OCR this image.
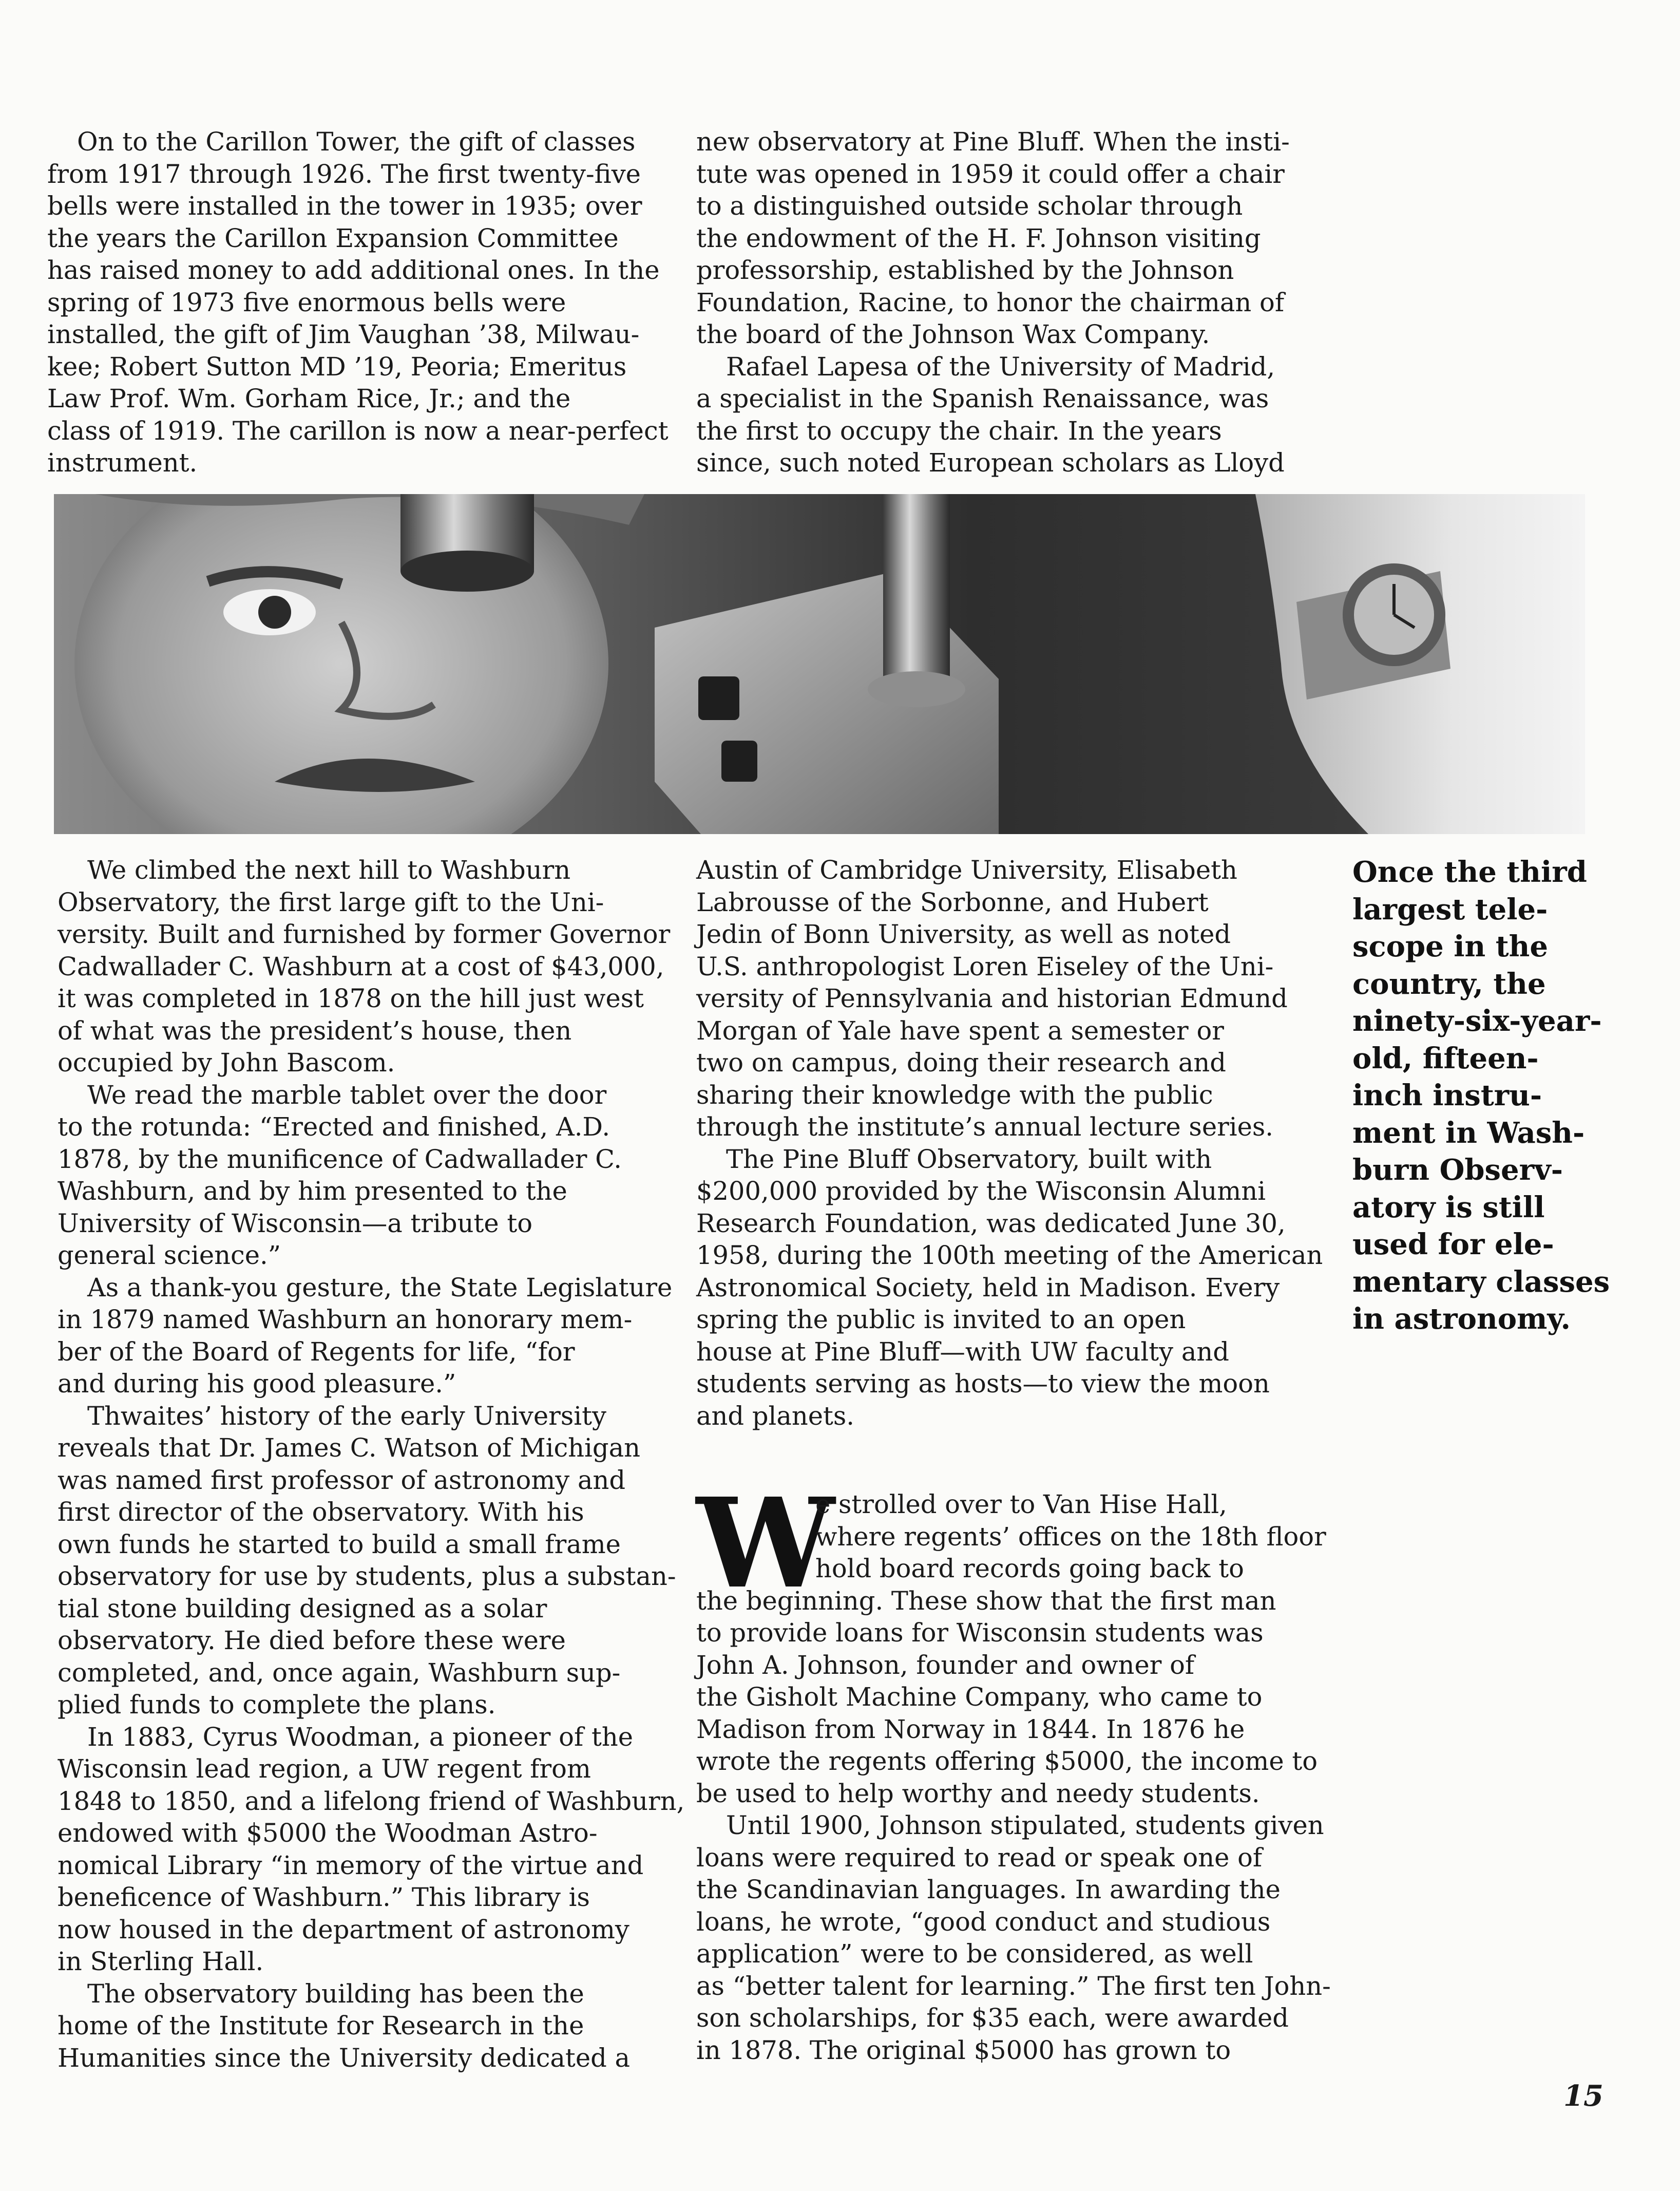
On to the Carillon Tower, the gift of classes
from 1917 through 1926. The first twenty-five
bells were installed in the tower in 1935; over
the years the Carillon Expansion Committee
has raised money to add additional ones. In the
spring of 1973 five enormous bells were
installed, the gift of Jim Vaughan ’38, Milwau-
kee; Robert Sutton MD ’19, Peoria; Emeritus
Law Prof. Wm. Gorham Rice, Jr.; and the
class of 1919. The carillon is now a near-perfect
instrument.
new observatory at Pine Bluff. When the insti-
tute was opened in 1959 it could offer a chair
to a distinguished outside scholar through
the endowment of the H. F. Johnson visiting
professorship, established by the Johnson
Foundation, Racine, to honor the chairman of
the board of the Johnson Wax Company.
Rafael Lapesa of the University of Madrid,
a specialist in the Spanish Renaissance, was
the first to occupy the chair. In the years
since, such noted European scholars as Lloyd
We climbed the next hill to Washburn
Observatory, the first large gift to the Uni-
versity. Built and furnished by former Governor
Cadwallader C. Washburn at a cost of $43,000,
it was completed in 1878 on the hill just west
of what was the president’s house, then
occupied by John Bascom.
We read the marble tablet over the door
to the rotunda: “Erected and finished, A.D.
1878, by the munificence of Cadwallader C.
Washburn, and by him presented to the
University of Wisconsin—a tribute to
general science.”
As a thank-you gesture, the State Legislature
in 1879 named Washburn an honorary mem-
ber of the Board of Regents for life, “for
and during his good pleasure.”
Thwaites’ history of the early University
reveals that Dr. James C. Watson of Michigan
was named first professor of astronomy and
first director of the observatory. With his
own funds he started to build a small frame
observatory for use by students, plus a substan-
tial stone building designed as a solar
observatory. He died before these were
completed, and, once again, Washburn sup-
plied funds to complete the plans.
In 1883, Cyrus Woodman, a pioneer of the
Wisconsin lead region, a UW regent from
1848 to 1850, and a lifelong friend of Washburn,
endowed with $5000 the Woodman Astro-
nomical Library “in memory of the virtue and
beneficence of Washburn.” This library is
now housed in the department of astronomy
in Sterling Hall.
The observatory building has been the
home of the Institute for Research in the
Humanities since the University dedicated a
Austin of Cambridge University, Elisabeth
Labrousse of the Sorbonne, and Hubert
Jedin of Bonn University, as well as noted
U.S. anthropologist Loren Eiseley of the Uni-
versity of Pennsylvania and historian Edmund
Morgan of Yale have spent a semester or
two on campus, doing their research and
sharing their knowledge with the public
through the institute’s annual lecture series.
The Pine Bluff Observatory, built with
$200,000 provided by the Wisconsin Alumni
Research Foundation, was dedicated June 30,
1958, during the 100th meeting of the American
Astronomical Society, held in Madison. Every
spring the public is invited to an open
house at Pine Bluff—with UW faculty and
students serving as hosts—to view the moon
and planets.
W
e strolled over to Van Hise Hall,
where regents’ offices on the 18th floor
hold board records going back to
the beginning. These show that the first man
to provide loans for Wisconsin students was
John A. Johnson, founder and owner of
the Gisholt Machine Company, who came to
Madison from Norway in 1844. In 1876 he
wrote the regents offering $5000, the income to
be used to help worthy and needy students.
Until 1900, Johnson stipulated, students given
loans were required to read or speak one of
the Scandinavian languages. In awarding the
loans, he wrote, “good conduct and studious
application” were to be considered, as well
as “better talent for learning.” The first ten John-
son scholarships, for $35 each, were awarded
in 1878. The original $5000 has grown to
Once the third
largest tele-
scope in the
country, the
ninety-six-year-
old, fifteen-
inch instru-
ment in Wash-
burn Observ-
atory is still
used for ele-
mentary classes
in astronomy.
15
